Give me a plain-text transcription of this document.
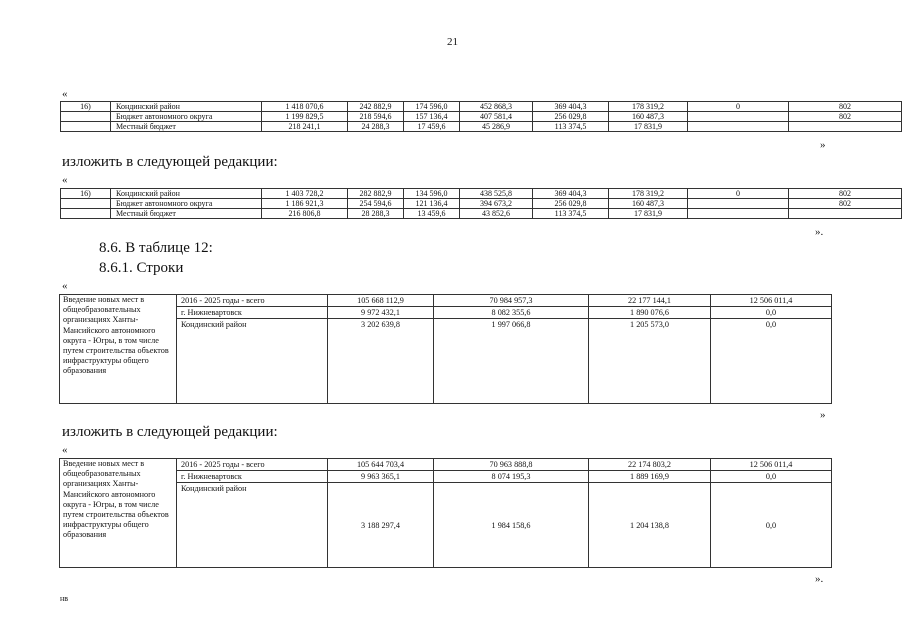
21
«
16)	Кондинский район	1 418 070,6	242 882,9	174 596,0	452 868,3	369 404,3	178 319,2	0	802
	Бюджет автономного округа	1 199 829,5	218 594,6	157 136,4	407 581,4	256 029,8	160 487,3		802
	Местный бюджет	218 241,1	24 288,3	17 459,6	45 286,9	113 374,5	17 831,9		
»
изложить в следующей редакции:
«
16)	Кондинский район	1 403 728,2	282 882,9	134 596,0	438 525,8	369 404,3	178 319,2	0	802
	Бюджет автономного округа	1 186 921,3	254 594,6	121 136,4	394 673,2	256 029,8	160 487,3		802
	Местный бюджет	216 806,8	28 288,3	13 459,6	43 852,6	113 374,5	17 831,9		
».
8.6. В таблице 12:
8.6.1. Строки
«
Введение новых мест в общеобразовательных организациях Ханты-Мансийского автономного округа - Югры, в том числе путем строительства объектов инфраструктуры общего образования	2016 - 2025 годы - всего	105 668 112,9	70 984 957,3	22 177 144,1	12 506 011,4
	г. Нижневартовск	9 972 432,1	8 082 355,6	1 890 076,6	0,0
	Кондинский район	3 202 639,8	1 997 066,8	1 205 573,0	0,0
»
изложить в следующей редакции:
«
Введение новых мест в общеобразовательных организациях Ханты-Мансийского автономного округа - Югры, в том числе путем строительства объектов инфраструктуры общего образования	2016 - 2025 годы - всего	105 644 703,4	70 963 888,8	22 174 803,2	12 506 011,4
	г. Нижневартовск	9 963 365,1	8 074 195,3	1 889 169,9	0,0
	Кондинский район	3 188 297,4	1 984 158,6	1 204 138,8	0,0
».
нв
